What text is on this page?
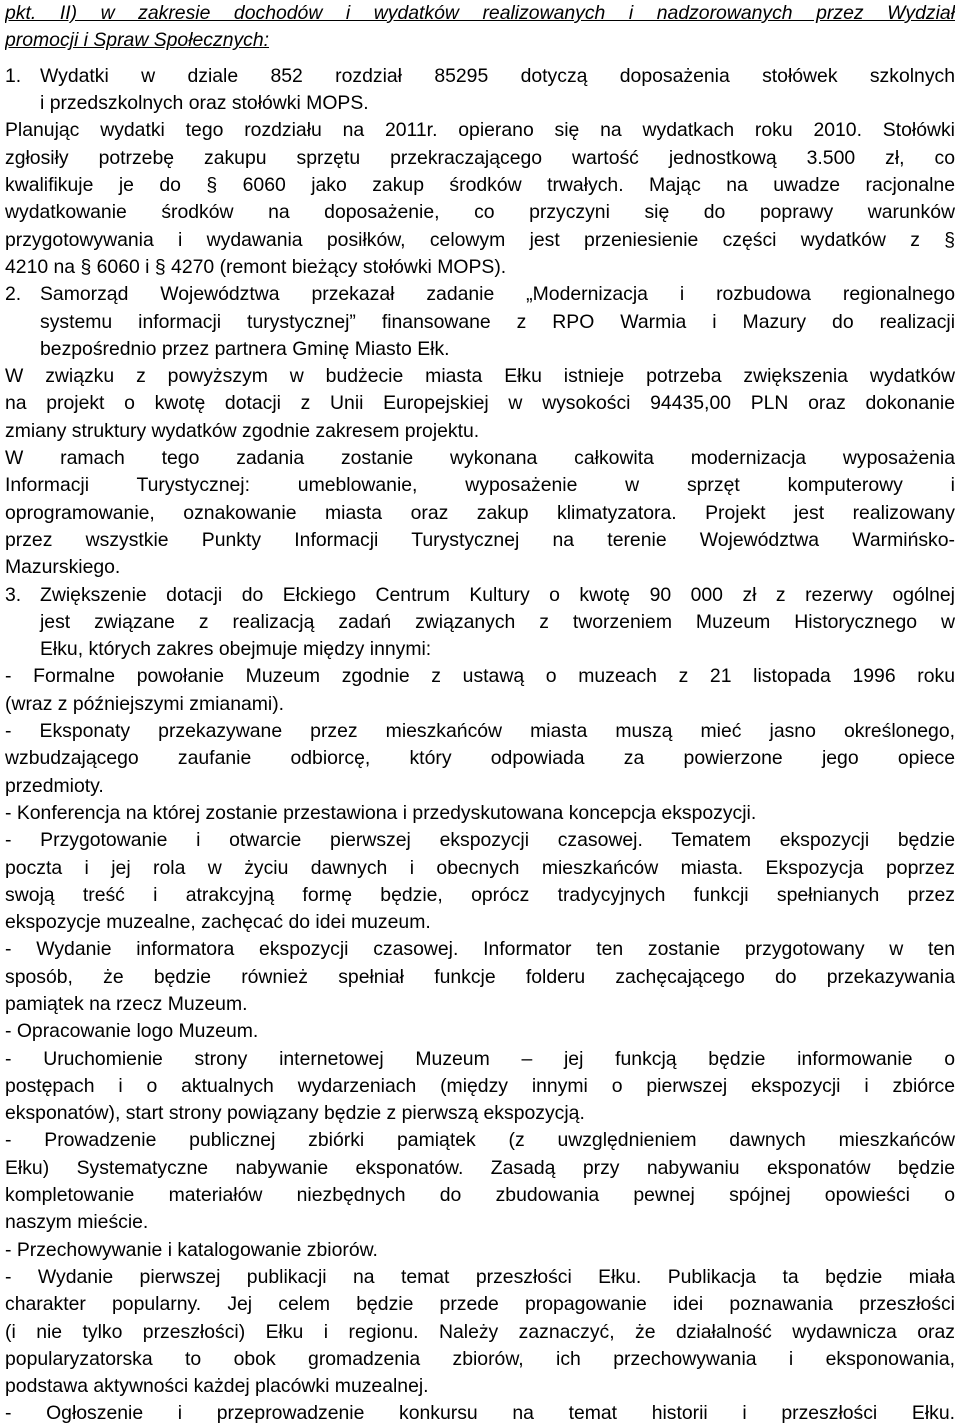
pkt. II) w zakresie dochodów i wydatków realizowanych i nadzorowanych przez Wydział
promocji i Spraw Społecznych:
1. Wydatki w dziale 852 rozdział 85295 dotyczą doposażenia stołówek szkolnych
i przedszkolnych oraz stołówki MOPS.
Planując wydatki tego rozdziału na 2011r. opierano się na wydatkach roku 2010. Stołówki
zgłosiły potrzebę zakupu sprzętu przekraczającego wartość jednostkową 3.500 zł, co
kwalifikuje je do § 6060 jako zakup środków trwałych. Mając na uwadze racjonalne
wydatkowanie środków na doposażenie, co przyczyni się do poprawy warunków
przygotowywania i wydawania posiłków, celowym jest przeniesienie części wydatków z §
4210 na § 6060 i § 4270 (remont bieżący stołówki MOPS).
2. Samorząd Województwa przekazał zadanie „Modernizacja i rozbudowa regionalnego
systemu informacji turystycznej” finansowane z RPO Warmia i Mazury do realizacji
bezpośrednio przez partnera Gminę Miasto Ełk.
W związku z powyższym w budżecie miasta Ełku istnieje potrzeba zwiększenia wydatków
na projekt o kwotę dotacji z Unii Europejskiej w wysokości 94435,00 PLN oraz dokonanie
zmiany struktury wydatków zgodnie zakresem projektu.
W ramach tego zadania zostanie wykonana całkowita modernizacja wyposażenia
Informacji Turystycznej: umeblowanie, wyposażenie w sprzęt komputerowy i
oprogramowanie, oznakowanie miasta oraz zakup klimatyzatora. Projekt jest realizowany
przez wszystkie Punkty Informacji Turystycznej na terenie Województwa Warmińsko-
Mazurskiego.
3. Zwiększenie dotacji do Ełckiego Centrum Kultury o kwotę 90 000 zł z rezerwy ogólnej
jest związane z realizacją zadań związanych z tworzeniem Muzeum Historycznego w
Ełku, których zakres obejmuje między innymi:
- Formalne powołanie Muzeum zgodnie z ustawą o muzeach z 21 listopada 1996 roku
(wraz z późniejszymi zmianami).
- Eksponaty przekazywane przez mieszkańców miasta muszą mieć jasno określonego,
wzbudzającego zaufanie odbiorcę, który odpowiada za powierzone jego opiece
przedmioty.
- Konferencja na której zostanie przestawiona i przedyskutowana koncepcja ekspozycji.
- Przygotowanie i otwarcie pierwszej ekspozycji czasowej. Tematem ekspozycji będzie
poczta i jej rola w życiu dawnych i obecnych mieszkańców miasta. Ekspozycja poprzez
swoją treść i atrakcyjną formę będzie, oprócz tradycyjnych funkcji spełnianych przez
ekspozycje muzealne, zachęcać do idei muzeum.
- Wydanie informatora ekspozycji czasowej. Informator ten zostanie przygotowany w ten
sposób, że będzie również spełniał funkcje folderu zachęcającego do przekazywania
pamiątek na rzecz Muzeum.
- Opracowanie logo Muzeum.
- Uruchomienie strony internetowej Muzeum – jej funkcją będzie informowanie o
postępach i o aktualnych wydarzeniach (między innymi o pierwszej ekspozycji i zbiórce
eksponatów), start strony powiązany będzie z pierwszą ekspozycją.
- Prowadzenie publicznej zbiórki pamiątek (z uwzględnieniem dawnych mieszkańców
Ełku) Systematyczne nabywanie eksponatów. Zasadą przy nabywaniu eksponatów będzie
kompletowanie materiałów niezbędnych do zbudowania pewnej spójnej opowieści o
naszym mieście.
- Przechowywanie i katalogowanie zbiorów.
- Wydanie pierwszej publikacji na temat przeszłości Ełku. Publikacja ta będzie miała
charakter popularny. Jej celem będzie przede propagowanie idei poznawania przeszłości
(i nie tylko przeszłości) Ełku i regionu. Należy zaznaczyć, że działalność wydawnicza oraz
popularyzatorska to obok gromadzenia zbiorów, ich przechowywania i eksponowania,
podstawa aktywności każdej placówki muzealnej.
- Ogłoszenie i przeprowadzenie konkursu na temat historii i przeszłości Ełku.
